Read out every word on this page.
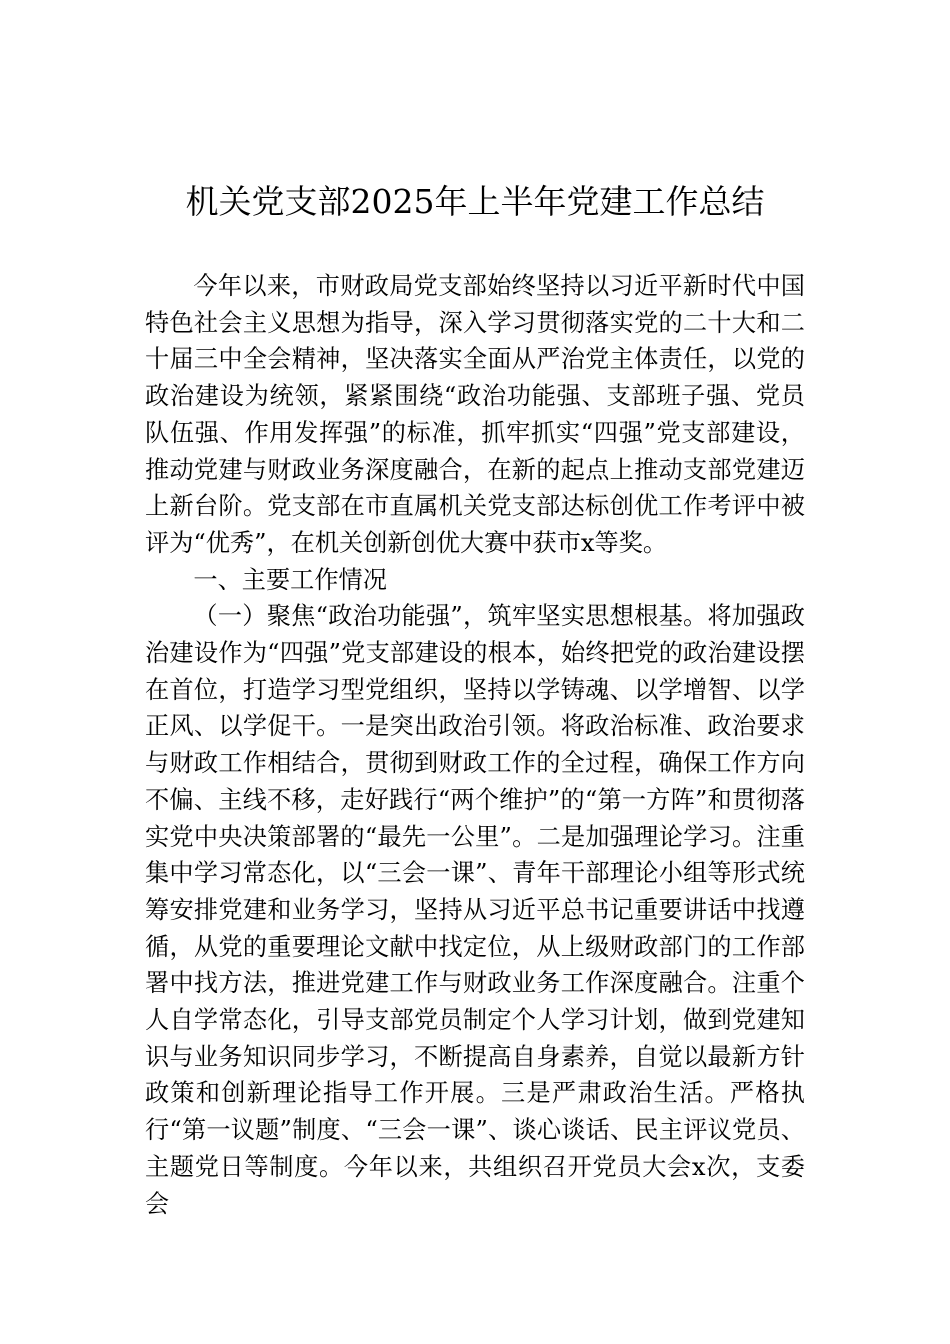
机关党支部2025年上半年党建工作总结

今年以来，市财政局党支部始终坚持以习近平新时代中国特色社会主义思想为指导，深入学习贯彻落实党的二十大和二十届三中全会精神，坚决落实全面从严治党主体责任，以党的政治建设为统领，紧紧围绕“政治功能强、支部班子强、党员队伍强、作用发挥强”的标准，抓牢抓实“四强”党支部建设，推动党建与财政业务深度融合，在新的起点上推动支部党建迈上新台阶。党支部在市直属机关党支部达标创优工作考评中被评为“优秀”，在机关创新创优大赛中获市x等奖。

一、主要工作情况

（一）聚焦“政治功能强”，筑牢坚实思想根基。将加强政治建设作为“四强”党支部建设的根本，始终把党的政治建设摆在首位，打造学习型党组织，坚持以学铸魂、以学增智、以学正风、以学促干。一是突出政治引领。将政治标准、政治要求与财政工作相结合，贯彻到财政工作的全过程，确保工作方向不偏、主线不移，走好践行“两个维护”的“第一方阵”和贯彻落实党中央决策部署的“最先一公里”。二是加强理论学习。注重集中学习常态化，以“三会一课”、青年干部理论小组等形式统筹安排党建和业务学习，坚持从习近平总书记重要讲话中找遵循，从党的重要理论文献中找定位，从上级财政部门的工作部署中找方法，推进党建工作与财政业务工作深度融合。注重个人自学常态化，引导支部党员制定个人学习计划，做到党建知识与业务知识同步学习，不断提高自身素养，自觉以最新方针政策和创新理论指导工作开展。三是严肃政治生活。严格执行“第一议题”制度、“三会一课”、谈心谈话、民主评议党员、主题党日等制度。今年以来，共组织召开党员大会x次，支委会
